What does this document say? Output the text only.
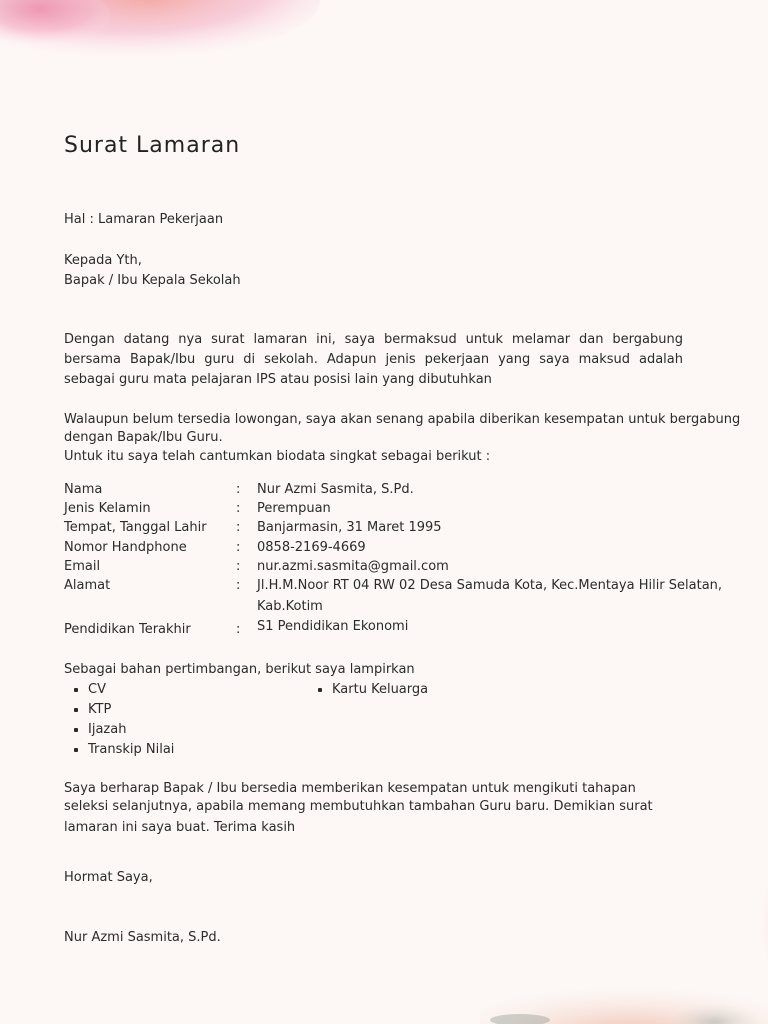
Surat Lamaran
Hal : Lamaran Pekerjaan
Kepada Yth,
Bapak / Ibu Kepala Sekolah
Dengan datang nya surat lamaran ini, saya bermaksud untuk melamar dan bergabung bersama Bapak/Ibu guru di sekolah. Adapun jenis pekerjaan yang saya maksud adalah sebagai guru mata pelajaran IPS atau posisi lain yang dibutuhkan
Walaupun belum tersedia lowongan, saya akan senang apabila diberikan kesempatan untuk bergabung
dengan Bapak/Ibu Guru.
Untuk itu saya telah cantumkan biodata singkat sebagai berikut :
Nama	: Nur Azmi Sasmita, S.Pd.
Jenis Kelamin	: Perempuan
Tempat, Tanggal Lahir : Banjarmasin, 31 Maret 1995
Nomor Handphone	: 0858-2169-4669
Email	: nur.azmi.sasmita@gmail.com
Alamat	: Jl.H.M.Noor RT 04 RW 02 Desa Samuda Kota, Kec.Mentaya Hilir Selatan,
Kab.Kotim
Pendidikan Terakhir	: S1 Pendidikan Ekonomi
Sebagai bahan pertimbangan, berikut saya lampirkan
CV
KTP
Ijazah
Transkip Nilai
Kartu Keluarga
Saya berharap Bapak / Ibu bersedia memberikan kesempatan untuk mengikuti tahapan
seleksi selanjutnya, apabila memang membutuhkan tambahan Guru baru. Demikian surat
lamaran ini saya buat. Terima kasih
Hormat Saya,
Nur Azmi Sasmita, S.Pd.
